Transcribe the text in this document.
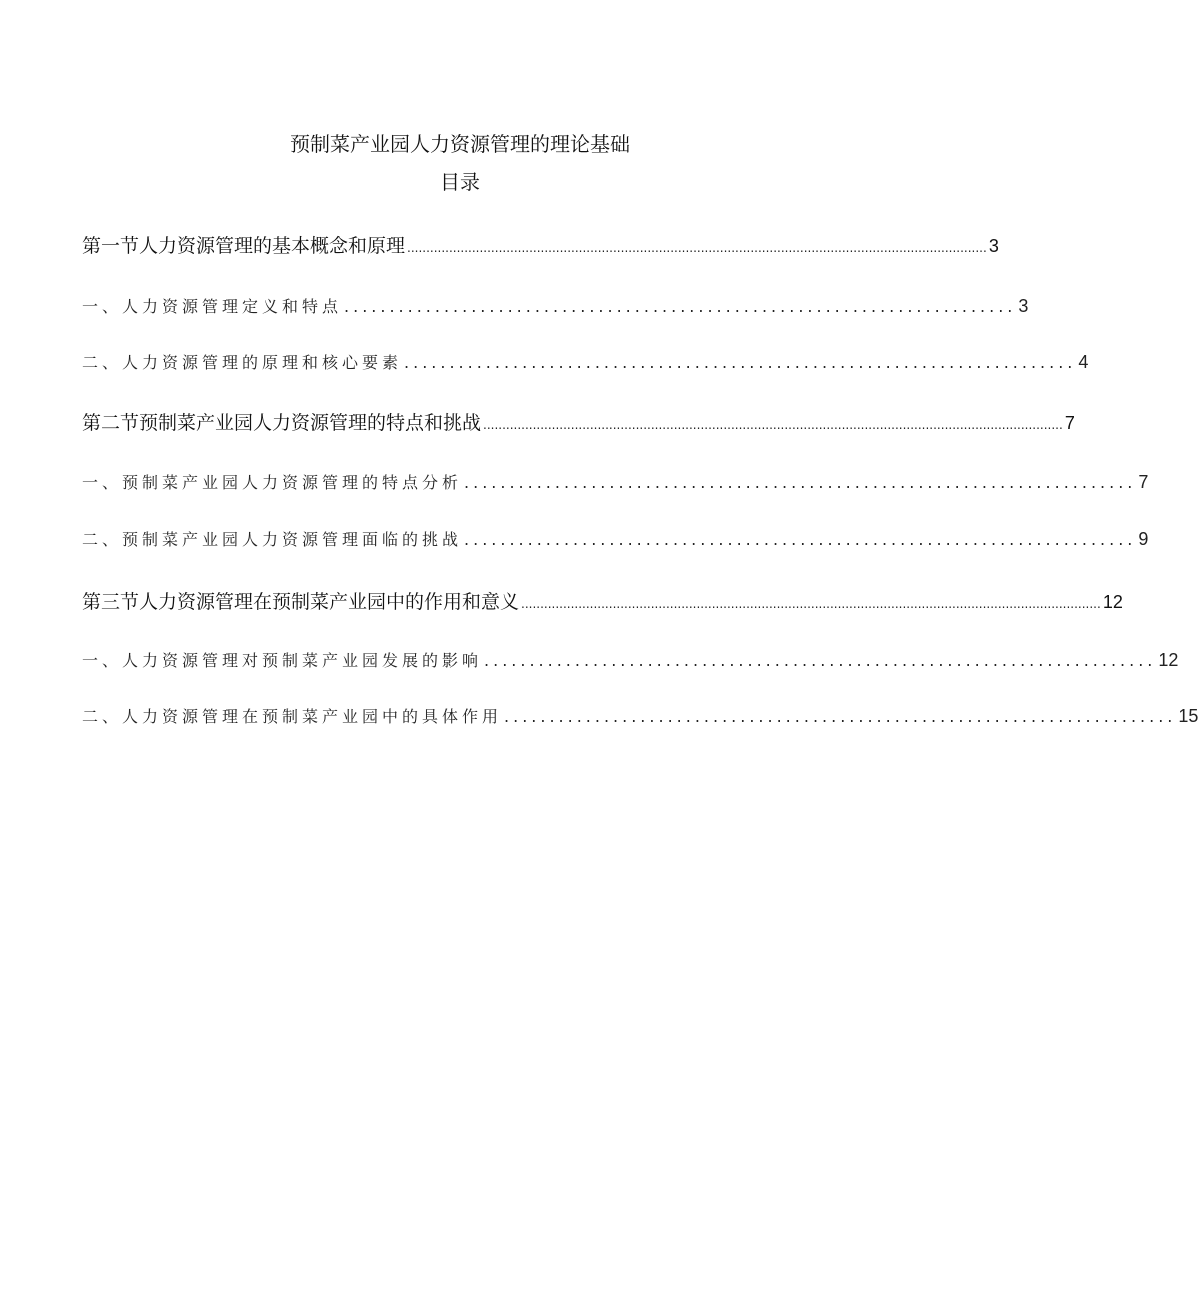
预制菜产业园人力资源管理的理论基础
目录
第一节人力资源管理的基本概念和原理 ........................................................................................................................................................ 3
一、人力资源管理定义和特点 .......................................................................... 3
二、人力资源管理的原理和核心要素 .......................................................................... 4
第二节预制菜产业园人力资源管理的特点和挑战 ........................................................................................................................................................ 7
一、预制菜产业园人力资源管理的特点分析 .......................................................................... 7
二、预制菜产业园人力资源管理面临的挑战 .......................................................................... 9
第三节人力资源管理在预制菜产业园中的作用和意义 ........................................................................................................................................................ 12
一、人力资源管理对预制菜产业园发展的影响 .......................................................................... 12
二、人力资源管理在预制菜产业园中的具体作用 .......................................................................... 15
